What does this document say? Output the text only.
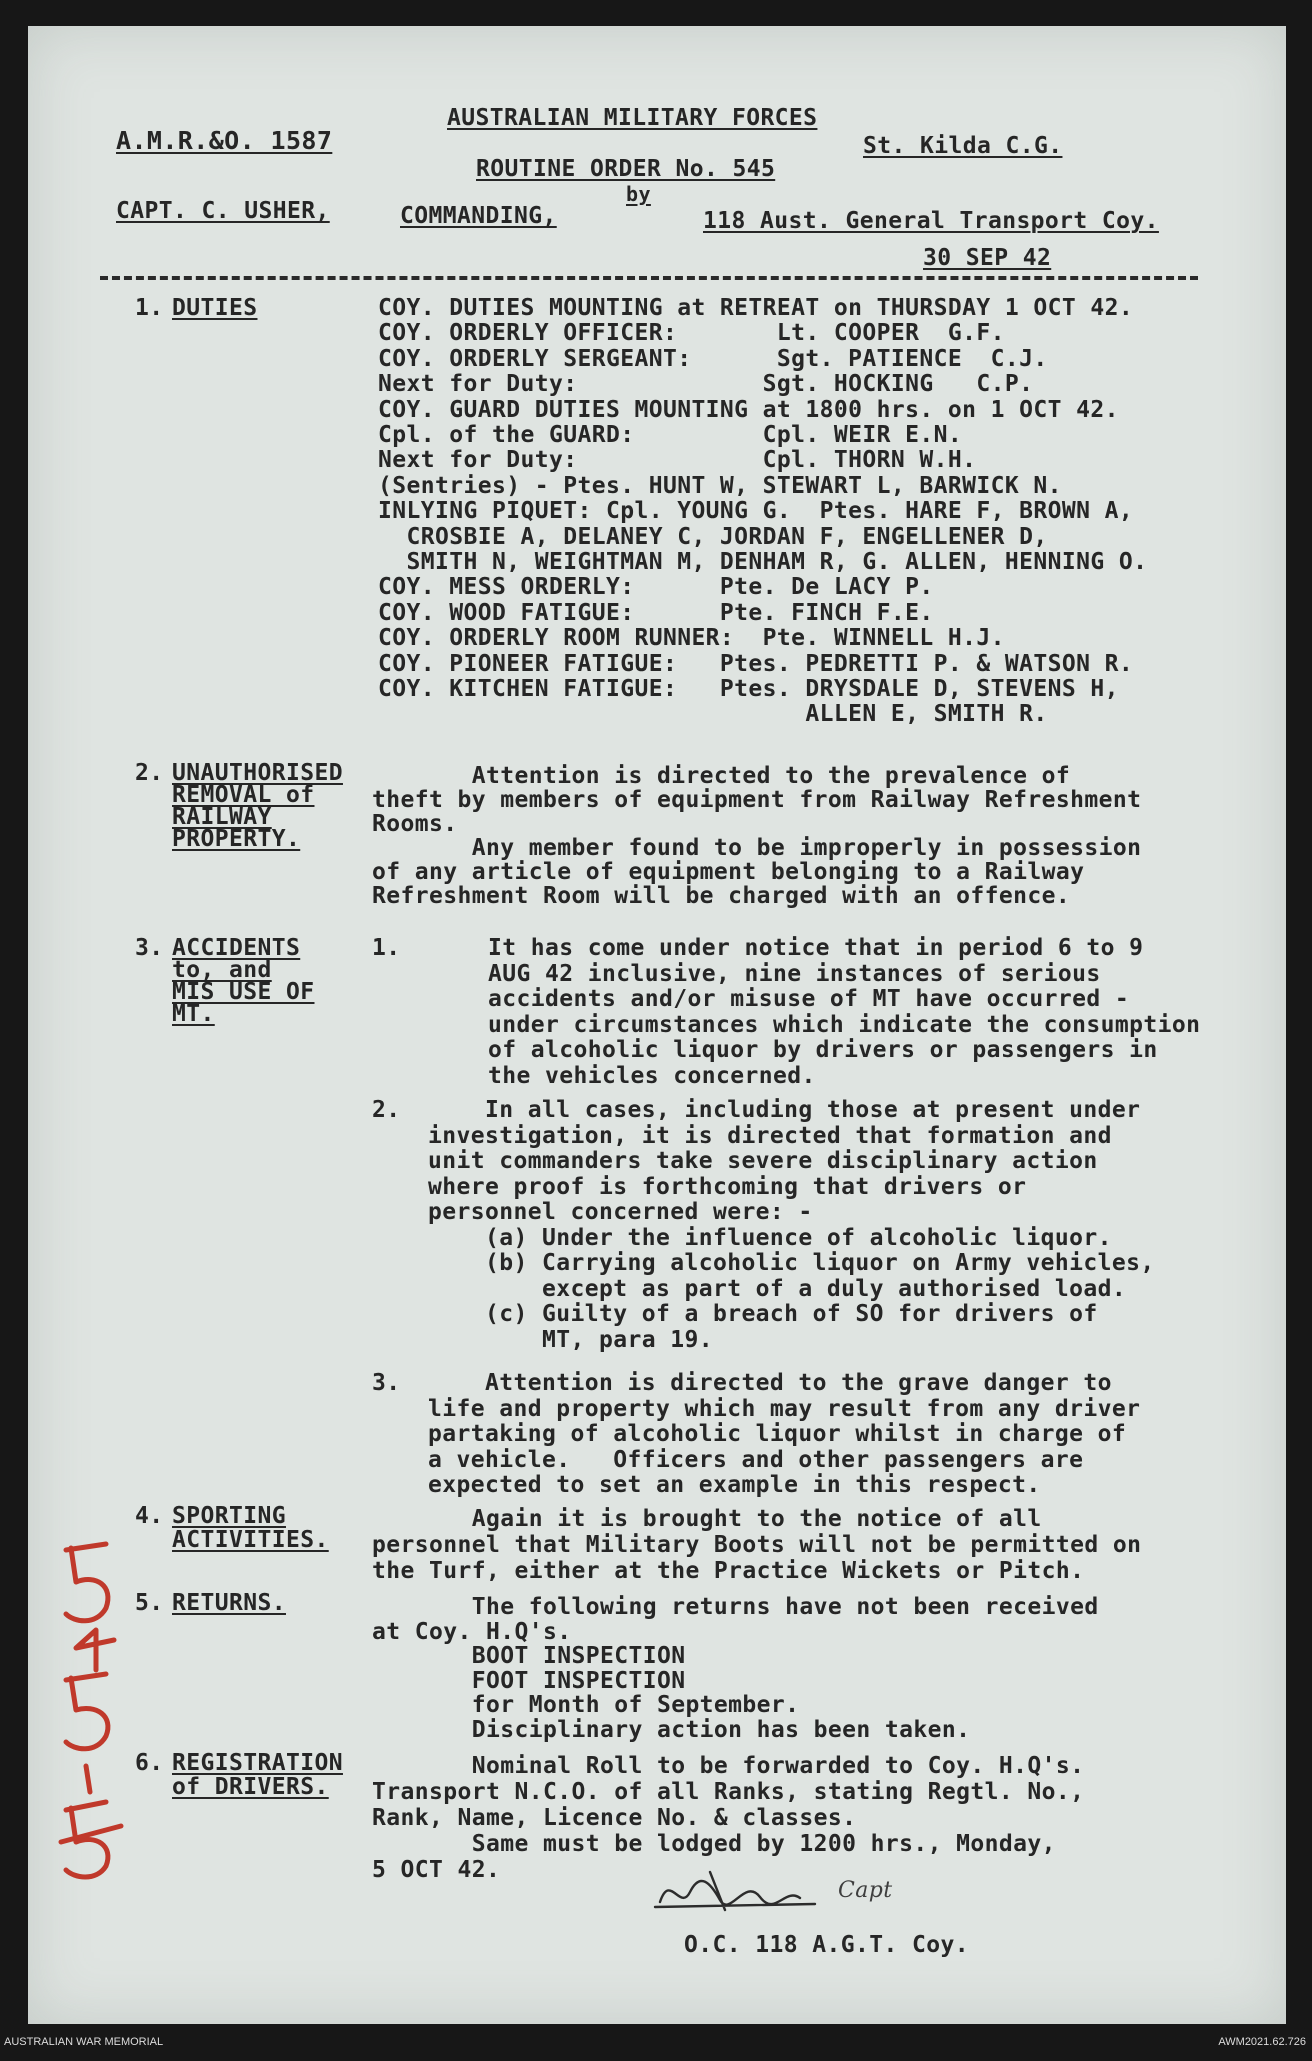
AUSTRALIAN MILITARY FORCES
A.M.R.&O. 1587	St. Kilda C.G.
ROUTINE ORDER No. 545
by
CAPT. C. USHER,	COMMANDING,	118 Aust. General Transport Coy.
30 SEP 42
1. DUTIES	COY. DUTIES MOUNTING at RETREAT on THURSDAY 1 OCT 42.
COY. ORDERLY OFFICER:       Lt. COOPER  G.F.
COY. ORDERLY SERGEANT:      Sgt. PATIENCE  C.J.
Next for Duty:             Sgt. HOCKING   C.P.
COY. GUARD DUTIES MOUNTING at 1800 hrs. on 1 OCT 42.
Cpl. of the GUARD:         Cpl. WEIR E.N.
Next for Duty:             Cpl. THORN W.H.
(Sentries) - Ptes. HUNT W, STEWART L, BARWICK N.
INLYING PIQUET: Cpl. YOUNG G.  Ptes. HARE F, BROWN A,
CROSBIE A, DELANEY C, JORDAN F, ENGELLENER D,
SMITH N, WEIGHTMAN M, DENHAM R, G. ALLEN, HENNING O.
COY. MESS ORDERLY:      Pte. De LACY P.
COY. WOOD FATIGUE:      Pte. FINCH F.E.
COY. ORDERLY ROOM RUNNER:  Pte. WINNELL H.J.
COY. PIONEER FATIGUE:   Ptes. PEDRETTI P. & WATSON R.
COY. KITCHEN FATIGUE:   Ptes. DRYSDALE D, STEVENS H,
ALLEN E, SMITH R.
2. UNAUTHORISED
REMOVAL of
RAILWAY
PROPERTY.
Attention is directed to the prevalence of
theft by members of equipment from Railway Refreshment
Rooms.
Any member found to be improperly in possession
of any article of equipment belonging to a Railway
Refreshment Room will be charged with an offence.
3. ACCIDENTS
to, and
MIS USE OF
MT.
1.	It has come under notice that in period 6 to 9
AUG 42 inclusive, nine instances of serious
accidents and/or misuse of MT have occurred -
under circumstances which indicate the consumption
of alcoholic liquor by drivers or passengers in
the vehicles concerned.
2. In all cases, including those at present under
investigation, it is directed that formation and
unit commanders take severe disciplinary action
where proof is forthcoming that drivers or
personnel concerned were: -
(a) Under the influence of alcoholic liquor.
(b) Carrying alcoholic liquor on Army vehicles,
except as part of a duly authorised load.
(c) Guilty of a breach of SO for drivers of
MT, para 19.
3. Attention is directed to the grave danger to
life and property which may result from any driver
partaking of alcoholic liquor whilst in charge of
a vehicle.   Officers and other passengers are
expected to set an example in this respect.
4. SPORTING
ACTIVITIES.
Again it is brought to the notice of all
personnel that Military Boots will not be permitted on
the Turf, either at the Practice Wickets or Pitch.
5. RETURNS.	The following returns have not been received
at Coy. H.Q's.
BOOT INSPECTION
FOOT INSPECTION
for Month of September.
Disciplinary action has been taken.
6. REGISTRATION
of DRIVERS.
Nominal Roll to be forwarded to Coy. H.Q's.
Transport N.C.O. of all Ranks, stating Regtl. No.,
Rank, Name, Licence No. & classes.
Same must be lodged by 1200 hrs., Monday,
5 OCT 42.
Capt
O.C. 118 A.G.T. Coy.
AUSTRALIAN WAR MEMORIAL	AWM2021.62.726
